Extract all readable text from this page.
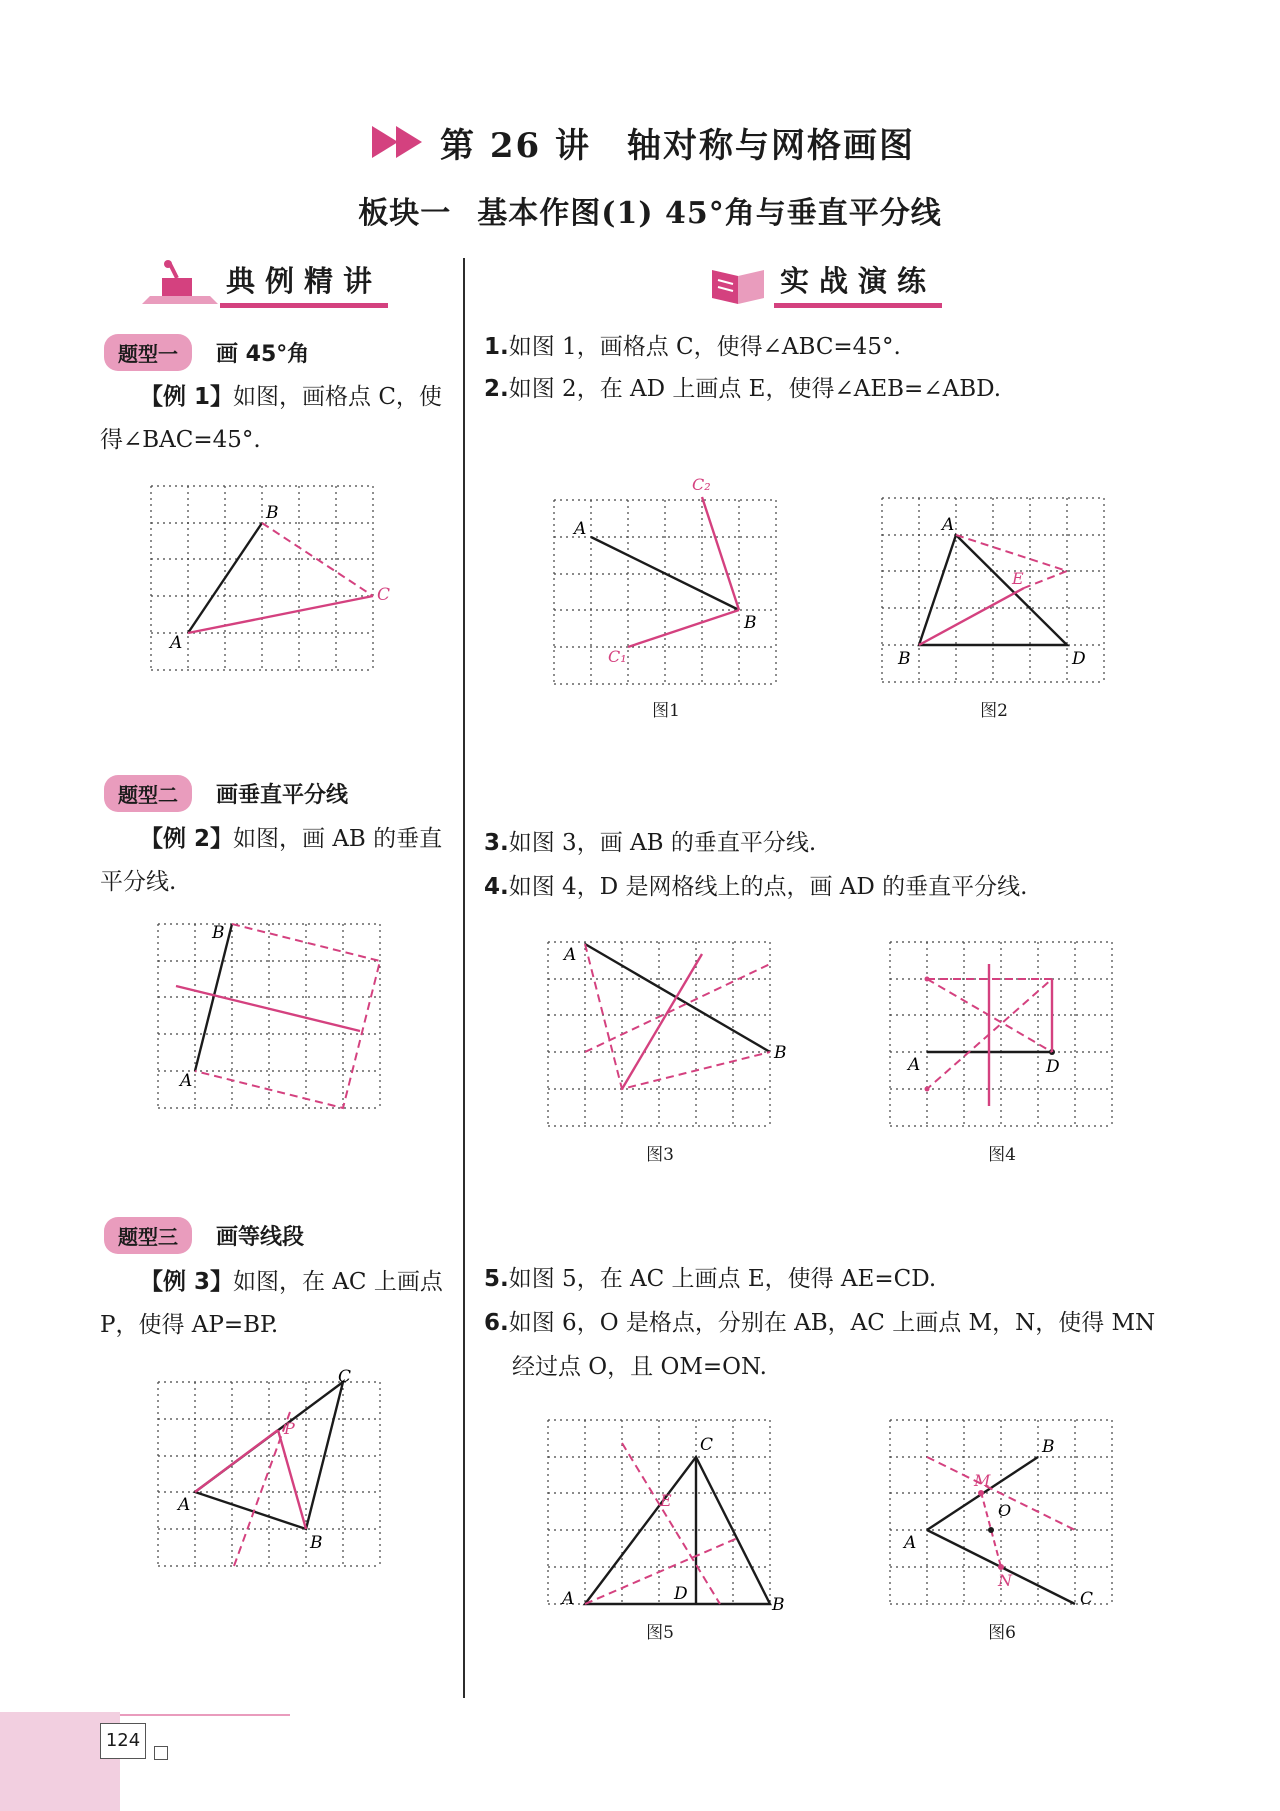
第 26 讲 轴对称与网格画图
板块一 基本作图(1) 45°角与垂直平分线
典例精讲	实战演练
题型一	画 45°角
【例 1】如图，画格点 C，使得∠BAC=45°.
A
B
C
题型二	画垂直平分线
【例 2】如图，画 AB 的垂直平分线.
A
B
题型三	画等线段
【例 3】如图，在 AC 上画点 P，使得 AP=BP.
A
B
C
P
1.如图 1，画格点 C，使得∠ABC=45°.
2.如图 2，在 AD 上画点 E，使得∠AEB=∠ABD.
A
B
C₁
C₂
图1
B
A
D
E
图2
3.如图 3，画 AB 的垂直平分线.
4.如图 4，D 是网格线上的点，画 AD 的垂直平分线.
A
B
图3
A	D
图4
5.如图 5，在 AC 上画点 E，使得 AE=CD.
6.如图 6，O 是格点，分别在 AB，AC 上画点 M，N，使得 MN
经过点 O，且 OM=ON.
A	B
C
D
E
图5
A
B
C
M
N
O
图6
124
